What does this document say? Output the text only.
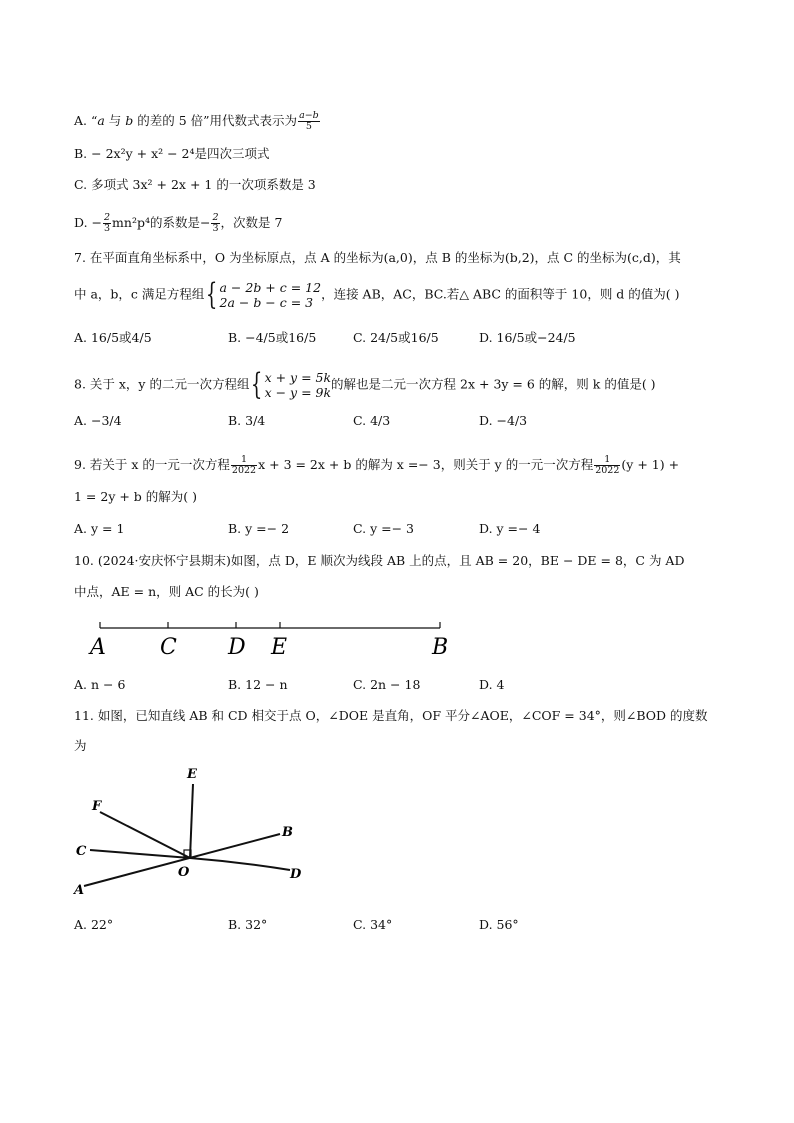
A. “a 与 b 的差的 5 倍”用代数式表示为 $\frac{a-b}{5}$
B. − 2x²y + x² − 2⁴是四次三项式
C. 多项式 3x² + 2x + 1 的一次项系数是 3
D. − $\frac{2}{3} mn^2p^4$的系数是− $\frac{2}{3}$ ，次数是 7
7. 在平面直角坐标系中，O 为坐标原点，点 A 的坐标为(a,0)，点 B 的坐标为(b,2)，点 C 的坐标为(c,d)，其
中 a，b，c 满足方程组{ a − 2b + c = 12
2a − b − c = 3
，连接 AB，AC，BC.若△ ABC 的面积等于 10，则 d 的值为( )
A. 16/5或4/5	B. −4/5或16/5	C. 24/5或16/5	D. 16/5或−24/5
8. 关于 x，y 的二元一次方程组{ x + y = 5k
x − y = 9k
的解也是二元一次方程 2x + 3y = 6 的解，则 k 的值是( )
A. −3/4	B. 3/4	C. 4/3	D. −4/3
9. 若关于 x 的一元一次方程 $\frac{1}{2022}$ x + 3 = 2x + b 的解为 x =− 3，则关于 y 的一元一次方程 $\frac{1}{2022} (y + 1)$ +
1 = 2y + b 的解为( )
A. y = 1	B. y =− 2	C. y =− 3	D. y =− 4
10. (2024·安庆怀宁县期末)如图，点 D，E 顺次为线段 AB 上的点，且 AB = 20，BE − DE = 8，C 为 AD
中点，AE = n，则 AC 的长为( )
A C D E	B
A. n − 6	B. 12 − n	C. 2n − 18	D. 4
11. 如图，已知直线 AB 和 CD 相交于点 O，∠DOE 是直角，OF 平分∠AOE，∠COF = 34°，则∠BOD 的度数
为
E
F
B
C
O	D
A
A. 22°	B. 32°	C. 34°	D. 56°
